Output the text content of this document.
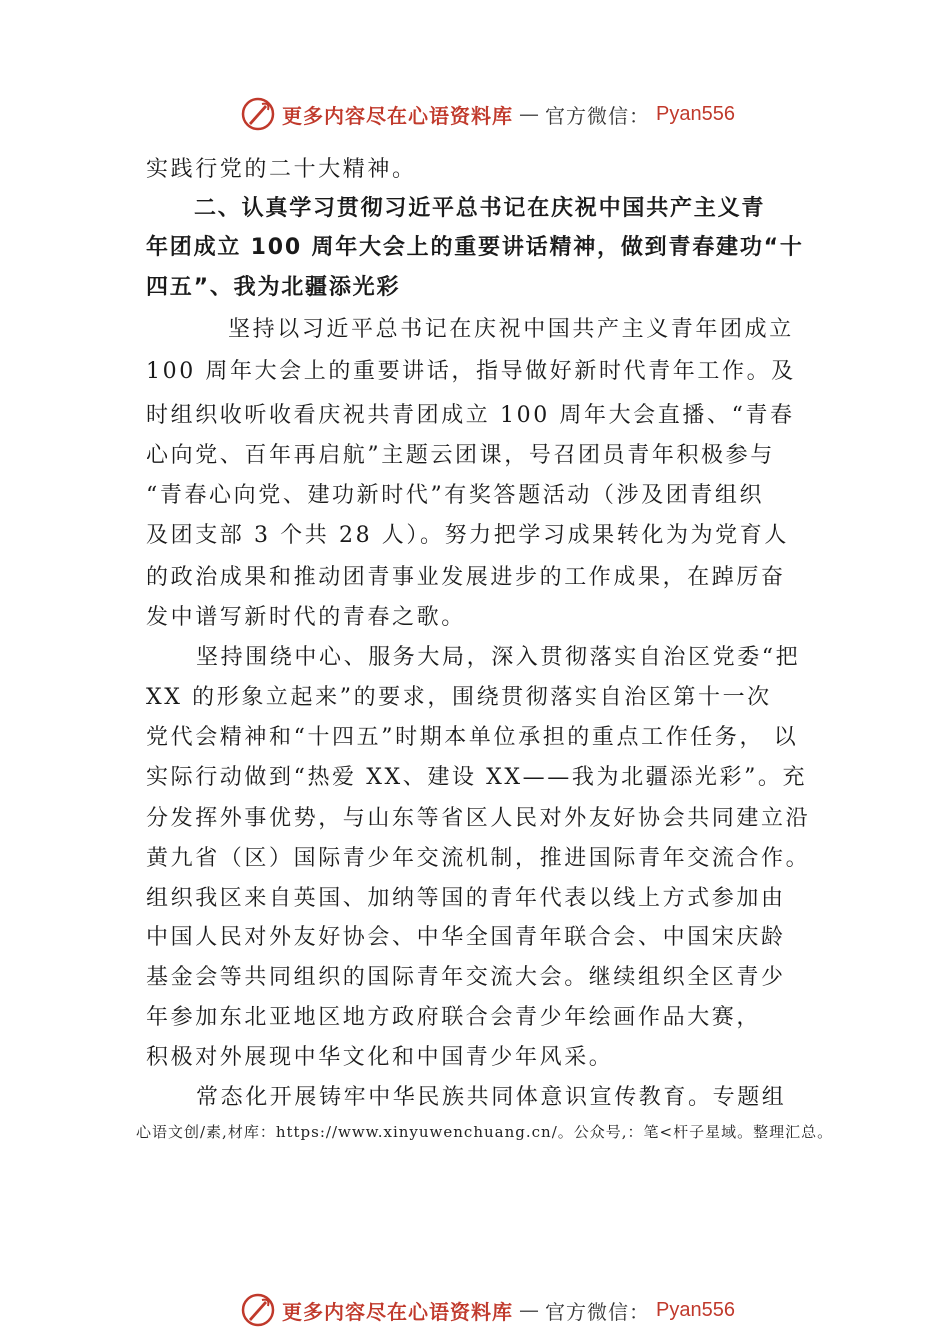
更多内容尽在心语资料库 — 官方微信： Pyan556
实践行党的二十大精神。
二、认真学习贯彻习近平总书记在庆祝中国共产主义青
年团成立 100 周年大会上的重要讲话精神，做到青春建功“十
四五”、我为北疆添光彩
坚持以习近平总书记在庆祝中国共产主义青年团成立
100 周年大会上的重要讲话，指导做好新时代青年工作。及
时组织收听收看庆祝共青团成立 100 周年大会直播、“青春
心向党、百年再启航”主题云团课，号召团员青年积极参与
“青春心向党、建功新时代”有奖答题活动（涉及团青组织
及团支部 3 个共 28 人）。努力把学习成果转化为为党育人
的政治成果和推动团青事业发展进步的工作成果，在踔厉奋
发中谱写新时代的青春之歌。
坚持围绕中心、服务大局，深入贯彻落实自治区党委“把
XX 的形象立起来”的要求，围绕贯彻落实自治区第十一次
党代会精神和“十四五”时期本单位承担的重点工作任务， 以
实际行动做到“热爱 XX、建设 XX——我为北疆添光彩”。充
分发挥外事优势，与山东等省区人民对外友好协会共同建立沿
黄九省（区）国际青少年交流机制，推进国际青年交流合作。
组织我区来自英国、加纳等国的青年代表以线上方式参加由
中国人民对外友好协会、中华全国青年联合会、中国宋庆龄
基金会等共同组织的国际青年交流大会。继续组织全区青少
年参加东北亚地区地方政府联合会青少年绘画作品大赛，
积极对外展现中华文化和中国青少年风采。
常态化开展铸牢中华民族共同体意识宣传教育。专题组
心语文创/素,材库：https://www.xinyuwenchuang.cn/。公众号,：笔<杆子星域。整理汇总。
更多内容尽在心语资料库 — 官方微信： Pyan556
